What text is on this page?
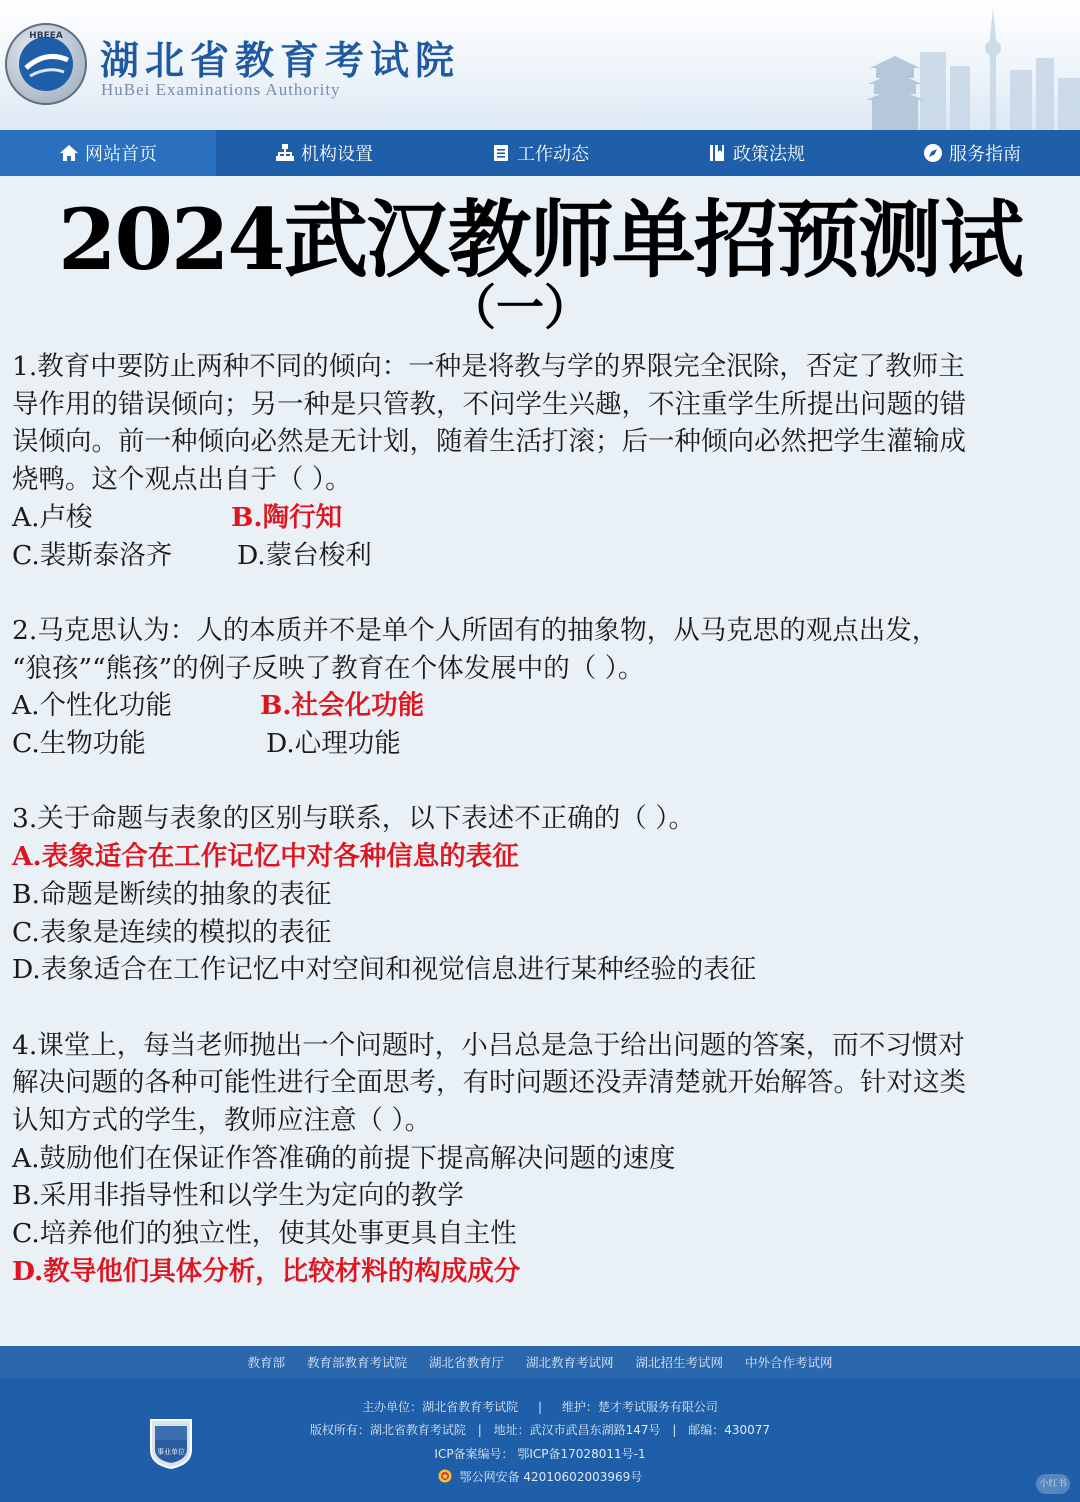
HBEEA
湖北省教育考试院
HuBei Examinations Authority
网站首页	机构设置	工作动态	政策法规	服务指南
2024武汉教师单招预测试
（一）

1.教育中要防止两种不同的倾向：一种是将教与学的界限完全泯除，否定了教师主

导作用的错误倾向；另一种是只管教，不问学生兴趣，不注重学生所提出问题的错

误倾向。前一种倾向必然是无计划，随着生活打滚；后一种倾向必然把学生灌输成

烧鸭。这个观点出自于（ ）。

A.卢梭	B.陶行知
C.裴斯泰洛齐	D.蒙台梭利

2.马克思认为：人的本质并不是单个人所固有的抽象物，从马克思的观点出发，

“狼孩”“熊孩”的例子反映了教育在个体发展中的（ ）。

A.个性化功能	B.社会化功能
C.生物功能	D.心理功能

3.关于命题与表象的区别与联系，以下表述不正确的（ ）。

A.表象适合在工作记忆中对各种信息的表征

B.命题是断续的抽象的表征

C.表象是连续的模拟的表征

D.表象适合在工作记忆中对空间和视觉信息进行某种经验的表征

4.课堂上，每当老师抛出一个问题时，小吕总是急于给出问题的答案，而不习惯对

解决问题的各种可能性进行全面思考，有时问题还没弄清楚就开始解答。针对这类

认知方式的学生，教师应注意（ ）。

A.鼓励他们在保证作答准确的前提下提高解决问题的速度

B.采用非指导性和以学生为定向的教学

C.培养他们的独立性，使其处事更具自主性

D.教导他们具体分析，比较材料的构成成分

教育部 教育部教育考试院 湖北省教育厅 湖北教育考试网 湖北招生考试网 中外合作考试网
事业单位
主办单位：湖北省教育考试院 | 维护：楚才考试服务有限公司
版权所有：湖北省教育考试院 | 地址：武汉市武昌东湖路147号 | 邮编：430077
ICP备案编号： 鄂ICP备17028011号-1
鄂公网安备 42010602003969号	小红书
